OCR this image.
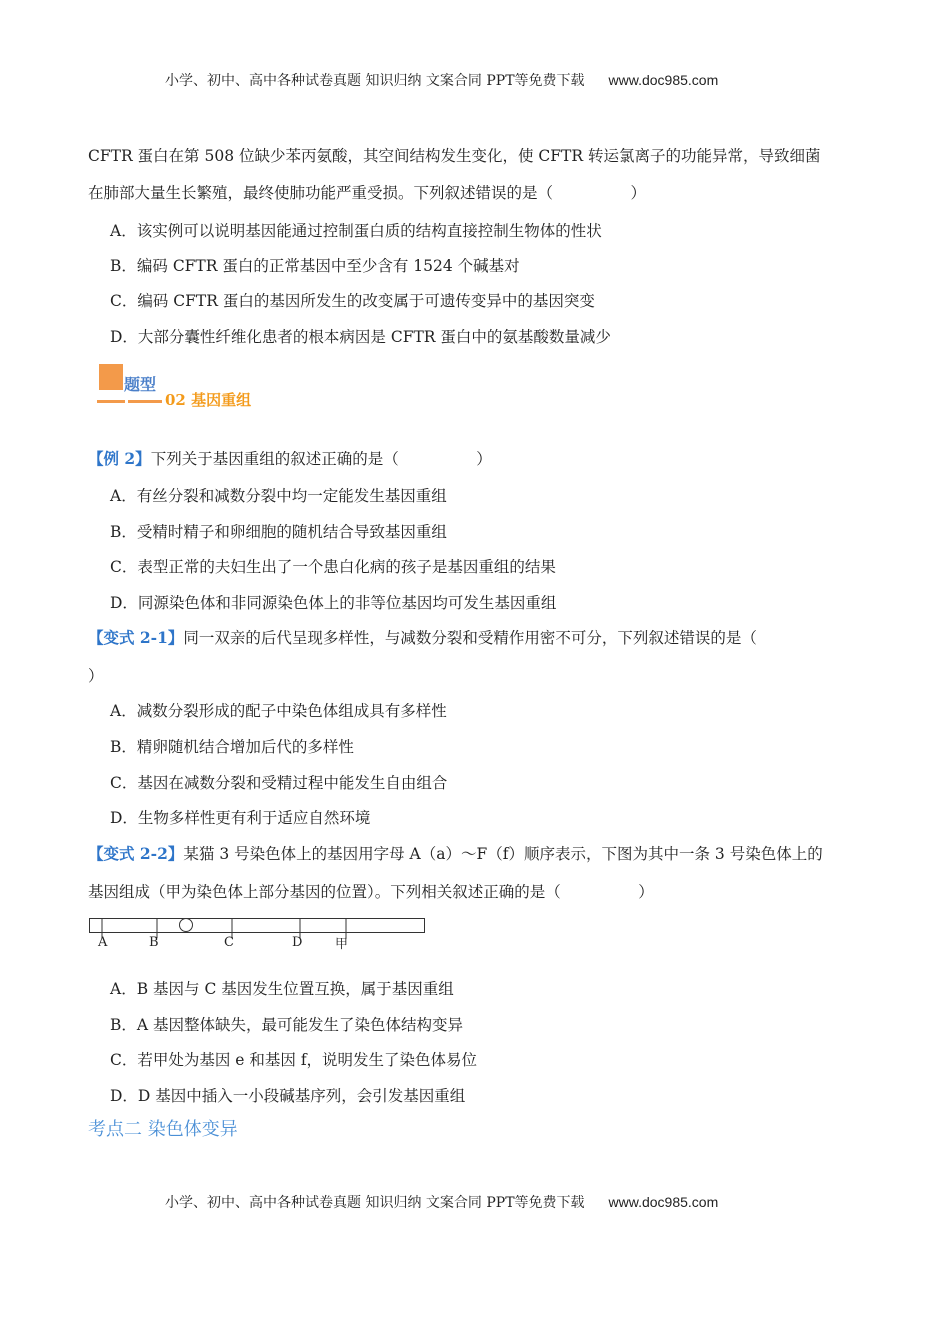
小学、初中、高中各种试卷真题 知识归纳 文案合同 PPT等免费下载 www.doc985.com
CFTR 蛋白在第 508 位缺少苯丙氨酸，其空间结构发生变化，使 CFTR 转运氯离子的功能异常，导致细菌
在肺部大量生长繁殖，最终使肺功能严重受损。下列叙述错误的是（　　　　　）
A．该实例可以说明基因能通过控制蛋白质的结构直接控制生物体的性状
B．编码 CFTR 蛋白的正常基因中至少含有 1524 个碱基对
C．编码 CFTR 蛋白的基因所发生的改变属于可遗传变异中的基因突变
D．大部分囊性纤维化患者的根本病因是 CFTR 蛋白中的氨基酸数量减少
题型
02 基因重组
【例 2】下列关于基因重组的叙述正确的是（　　　　　）
A．有丝分裂和减数分裂中均一定能发生基因重组
B．受精时精子和卵细胞的随机结合导致基因重组
C．表型正常的夫妇生出了一个患白化病的孩子是基因重组的结果
D．同源染色体和非同源染色体上的非等位基因均可发生基因重组
【变式 2-1】同一双亲的后代呈现多样性，与减数分裂和受精作用密不可分，下列叙述错误的是（
）
A．减数分裂形成的配子中染色体组成具有多样性
B．精卵随机结合增加后代的多样性
C．基因在减数分裂和受精过程中能发生自由组合
D．生物多样性更有利于适应自然环境
【变式 2-2】某猫 3 号染色体上的基因用字母 A（a）～F（f）顺序表示，下图为其中一条 3 号染色体上的
基因组成（甲为染色体上部分基因的位置）。下列相关叙述正确的是（　　　　　）
A	B	C	D	甲
A．B 基因与 C 基因发生位置互换，属于基因重组
B．A 基因整体缺失，最可能发生了染色体结构变异
C．若甲处为基因 e 和基因 f，说明发生了染色体易位
D．D 基因中插入一小段碱基序列，会引发基因重组
考点二 染色体变异
小学、初中、高中各种试卷真题 知识归纳 文案合同 PPT等免费下载 www.doc985.com
